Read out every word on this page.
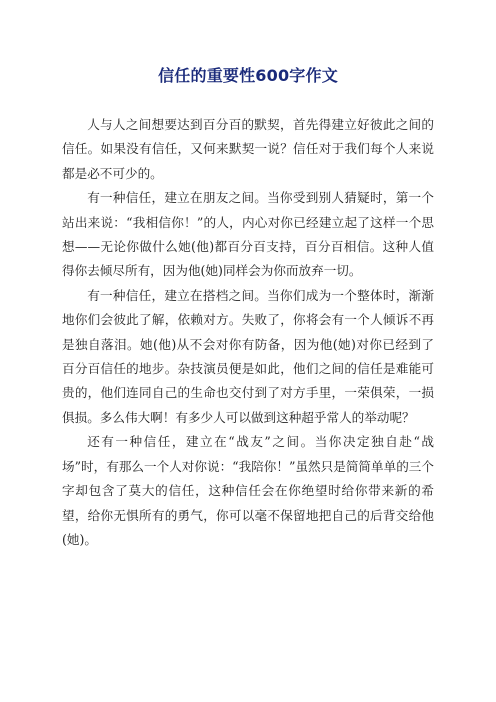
信任的重要性600字作文

人与人之间想要达到百分百的默契，首先得建立好彼此之间的信任。如果没有信任，又何来默契一说？信任对于我们每个人来说都是必不可少的。

有一种信任，建立在朋友之间。当你受到别人猜疑时，第一个站出来说：“我相信你！”的人，内心对你已经建立起了这样一个思想——无论你做什么她(他)都百分百支持，百分百相信。这种人值得你去倾尽所有，因为他(她)同样会为你而放弃一切。

有一种信任，建立在搭档之间。当你们成为一个整体时，渐渐地你们会彼此了解，依赖对方。失败了，你将会有一个人倾诉不再是独自落泪。她(他)从不会对你有防备，因为他(她)对你已经到了百分百信任的地步。杂技演员便是如此，他们之间的信任是难能可贵的，他们连同自己的生命也交付到了对方手里，一荣俱荣，一损俱损。多么伟大啊！有多少人可以做到这种超乎常人的举动呢？

还有一种信任，建立在“战友”之间。当你决定独自赴“战场”时，有那么一个人对你说：“我陪你！”虽然只是简简单单的三个字却包含了莫大的信任，这种信任会在你绝望时给你带来新的希望，给你无惧所有的勇气，你可以毫不保留地把自己的后背交给他(她)。
